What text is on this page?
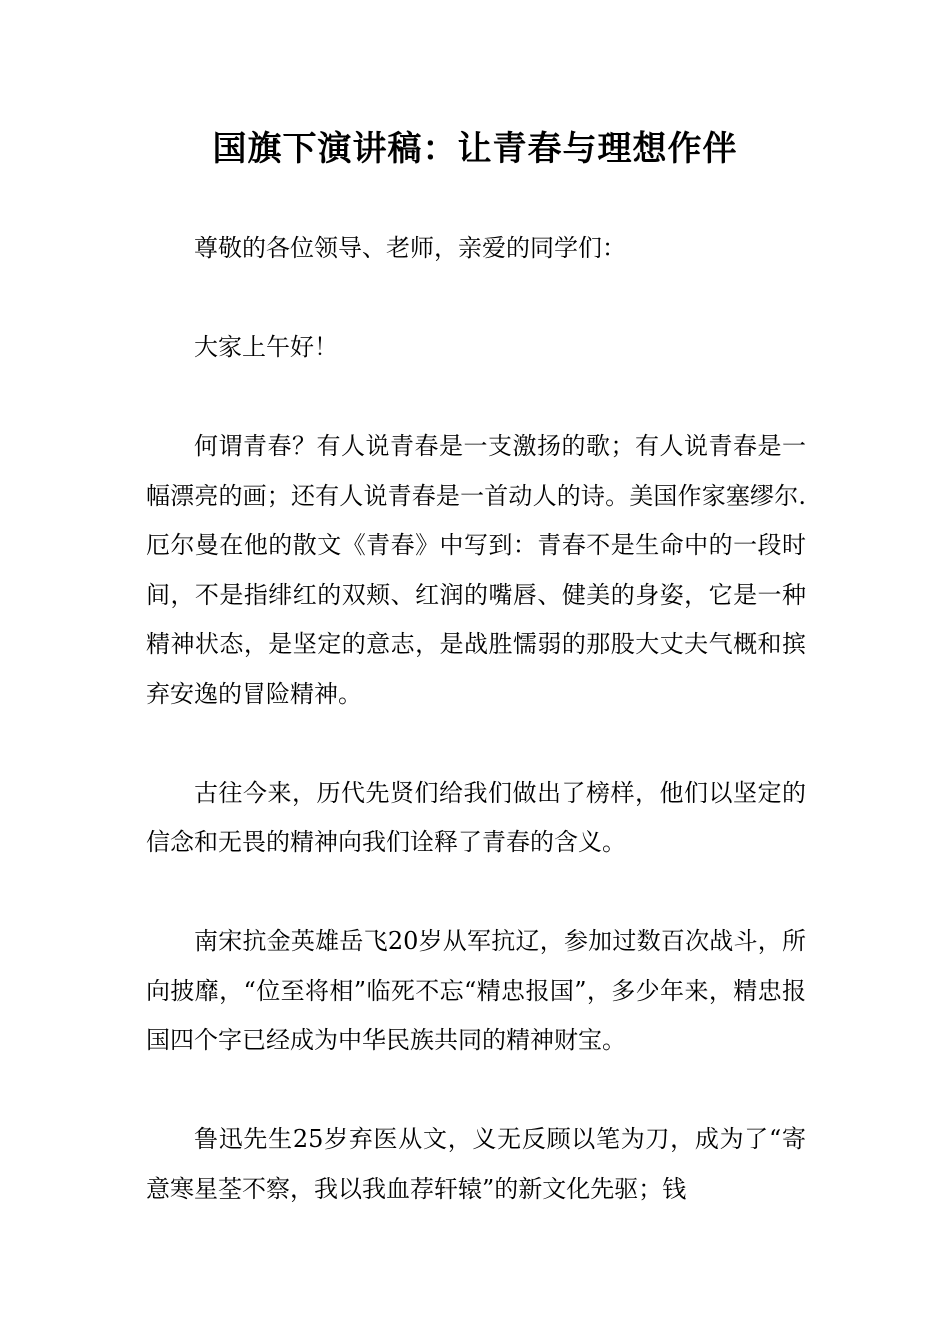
国旗下演讲稿：让青春与理想作伴

尊敬的各位领导、老师，亲爱的同学们：

大家上午好！

何谓青春？有人说青春是一支激扬的歌；有人说青春是一幅漂亮的画；还有人说青春是一首动人的诗。美国作家塞缪尔.厄尔曼在他的散文《青春》中写到：青春不是生命中的一段时间，不是指绯红的双颊、红润的嘴唇、健美的身姿，它是一种精神状态，是坚定的意志，是战胜懦弱的那股大丈夫气概和摈弃安逸的冒险精神。

古往今来，历代先贤们给我们做出了榜样，他们以坚定的信念和无畏的精神向我们诠释了青春的含义。

南宋抗金英雄岳飞20岁从军抗辽，参加过数百次战斗，所向披靡，“位至将相”临死不忘“精忠报国”，多少年来，精忠报国四个字已经成为中华民族共同的精神财宝。

鲁迅先生25岁弃医从文，义无反顾以笔为刀，成为了“寄意寒星荃不察，我以我血荐轩辕”的新文化先驱；钱
